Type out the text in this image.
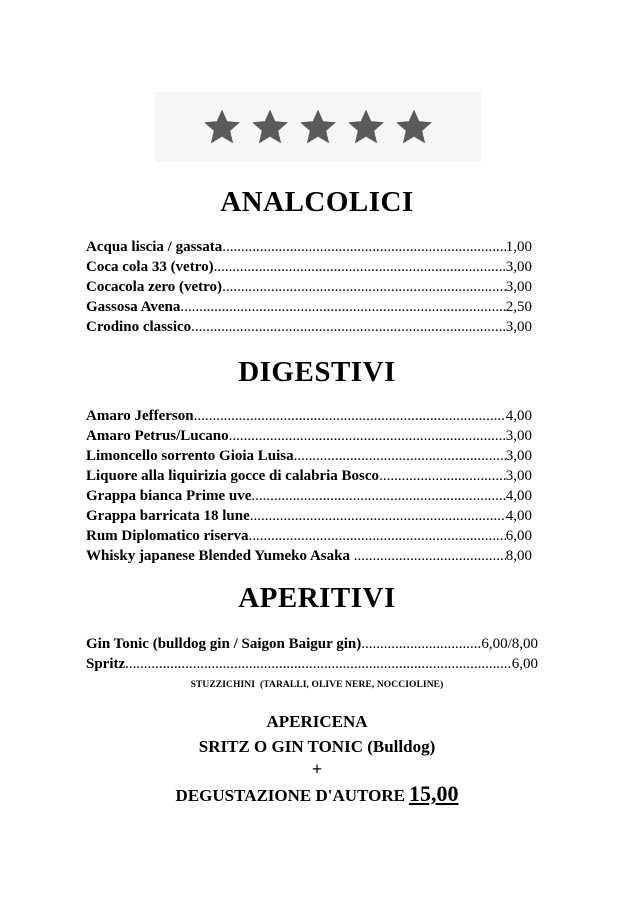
ANALCOLICI
Acqua liscia / gassata .....	1,00
Coca cola 33 (vetro) .....	3,00
Cocacola zero (vetro) .....	3,00
Gassosa Avena .....	2,50
Crodino classico .....	3,00
DIGESTIVI
Amaro Jefferson .....	4,00
Amaro Petrus/Lucano .....	3,00
Limoncello sorrento Gioia Luisa .....	3,00
Liquore alla liquirizia gocce di calabria Bosco .....	3,00
Grappa bianca Prime uve .....	4,00
Grappa barricata 18 lune .....	4,00
Rum Diplomatico riserva .....	6,00
Whisky japanese Blended Yumeko Asaka .....	8,00
APERITIVI
Gin Tonic (bulldog gin / Saigon Baigur gin) .....	6,00/8,00
Spritz .....	6,00
STUZZICHINI  (TARALLI, OLIVE NERE, NOCCIOLINE)
APERICENA
SRITZ O GIN TONIC (Bulldog)
+
DEGUSTAZIONE D'AUTORE 15,00
